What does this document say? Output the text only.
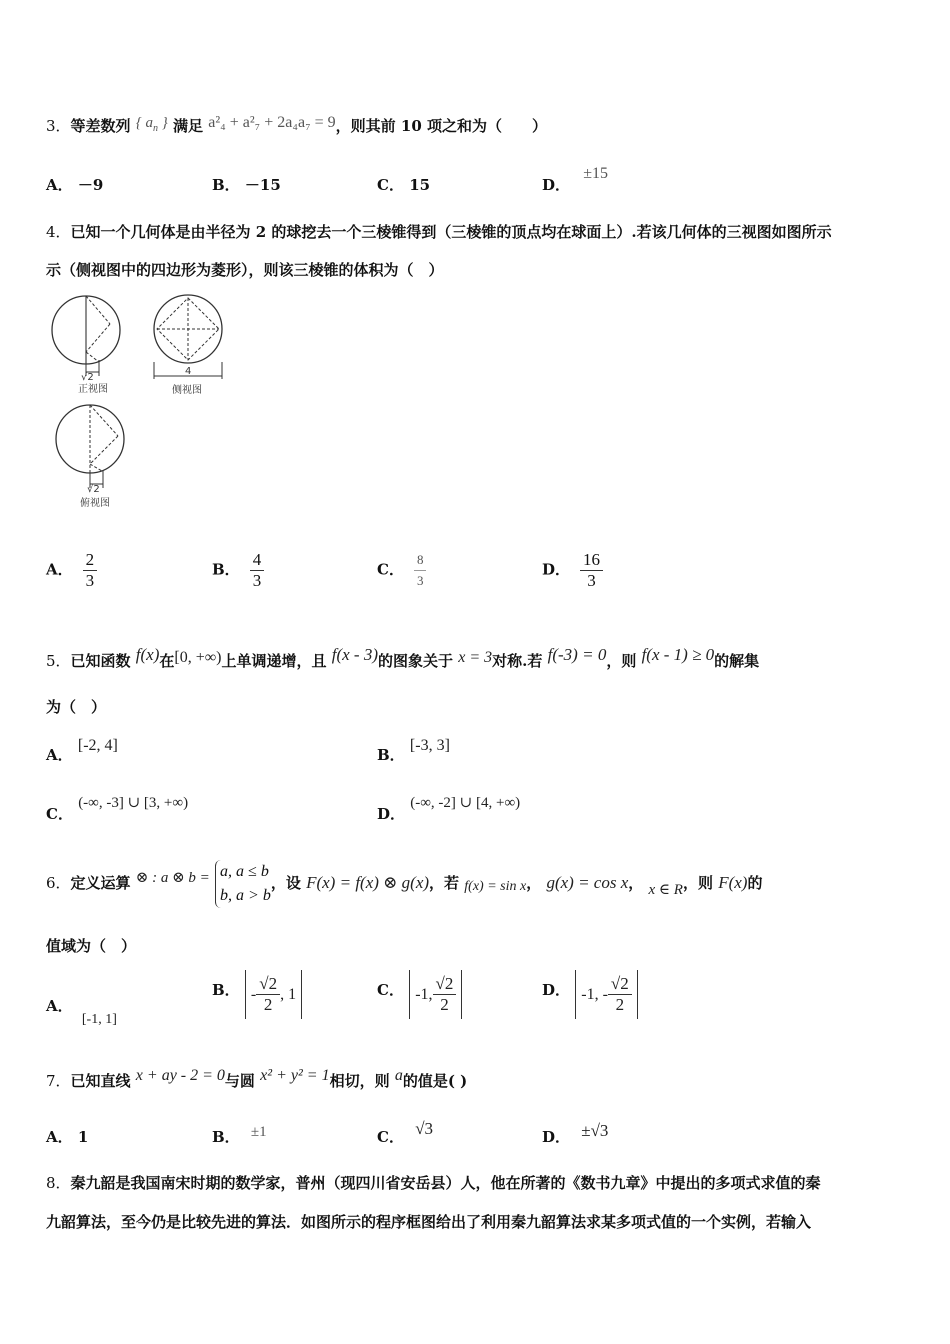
3．等差数列 { $a_n$ } 满足 a²₄ + a²₇ + 2a₄a₇ = 9，则其前 10 项之和为（　　）
A． －9	B． －15	C． 15	D． ±15
4．已知一个几何体是由半径为 2 的球挖去一个三棱锥得到（三棱锥的顶点均在球面上）.若该几何体的三视图如图所示
示（侧视图中的四边形为菱形），则该三棱锥的体积为（　）
√2
正视图
4
侧视图
√2
俯视图
A． $\frac{2}{3}$	B． $\frac{4}{3}$	C． $\frac{8}{3}$	D． $\frac{16}{3}$
5．已知函数 f(x)在[0, +∞)上单调递增，且 f(x - 3)的图象关于 x = 3对称.若 f(-3) = 0，则 f(x - 1) ≥ 0的解集
为（　）
A． [-2, 4]
B． [-3, 3]
C． (-∞, -3] ∪ [3, +∞)
D． (-∞, -2] ∪ [4, +∞)
6．定义运算 ⊗ : a ⊗ b = a, a ≤ b
b, a > b
，设 F(x) = f(x) ⊗ g(x)，若 f(x) = sin x， g(x) = cos x， x ∈ R，则 F(x)的
值域为（　）
A． [-1, 1]
B． - $\frac{√2}{2}$ , 1	C． -1, $\frac{√2}{2}$	D． -1, - $\frac{√2}{2}$
7．已知直线 x + ay - 2 = 0与圆 x² + y² = 1相切，则 a的值是( )
A． 1	B． ±1	C． √3	D． ±√3
8．秦九韶是我国南宋时期的数学家，普州（现四川省安岳县）人，他在所著的《数书九章》中提出的多项式求值的秦
九韶算法，至今仍是比较先进的算法．如图所示的程序框图给出了利用秦九韶算法求某多项式值的一个实例，若输入
